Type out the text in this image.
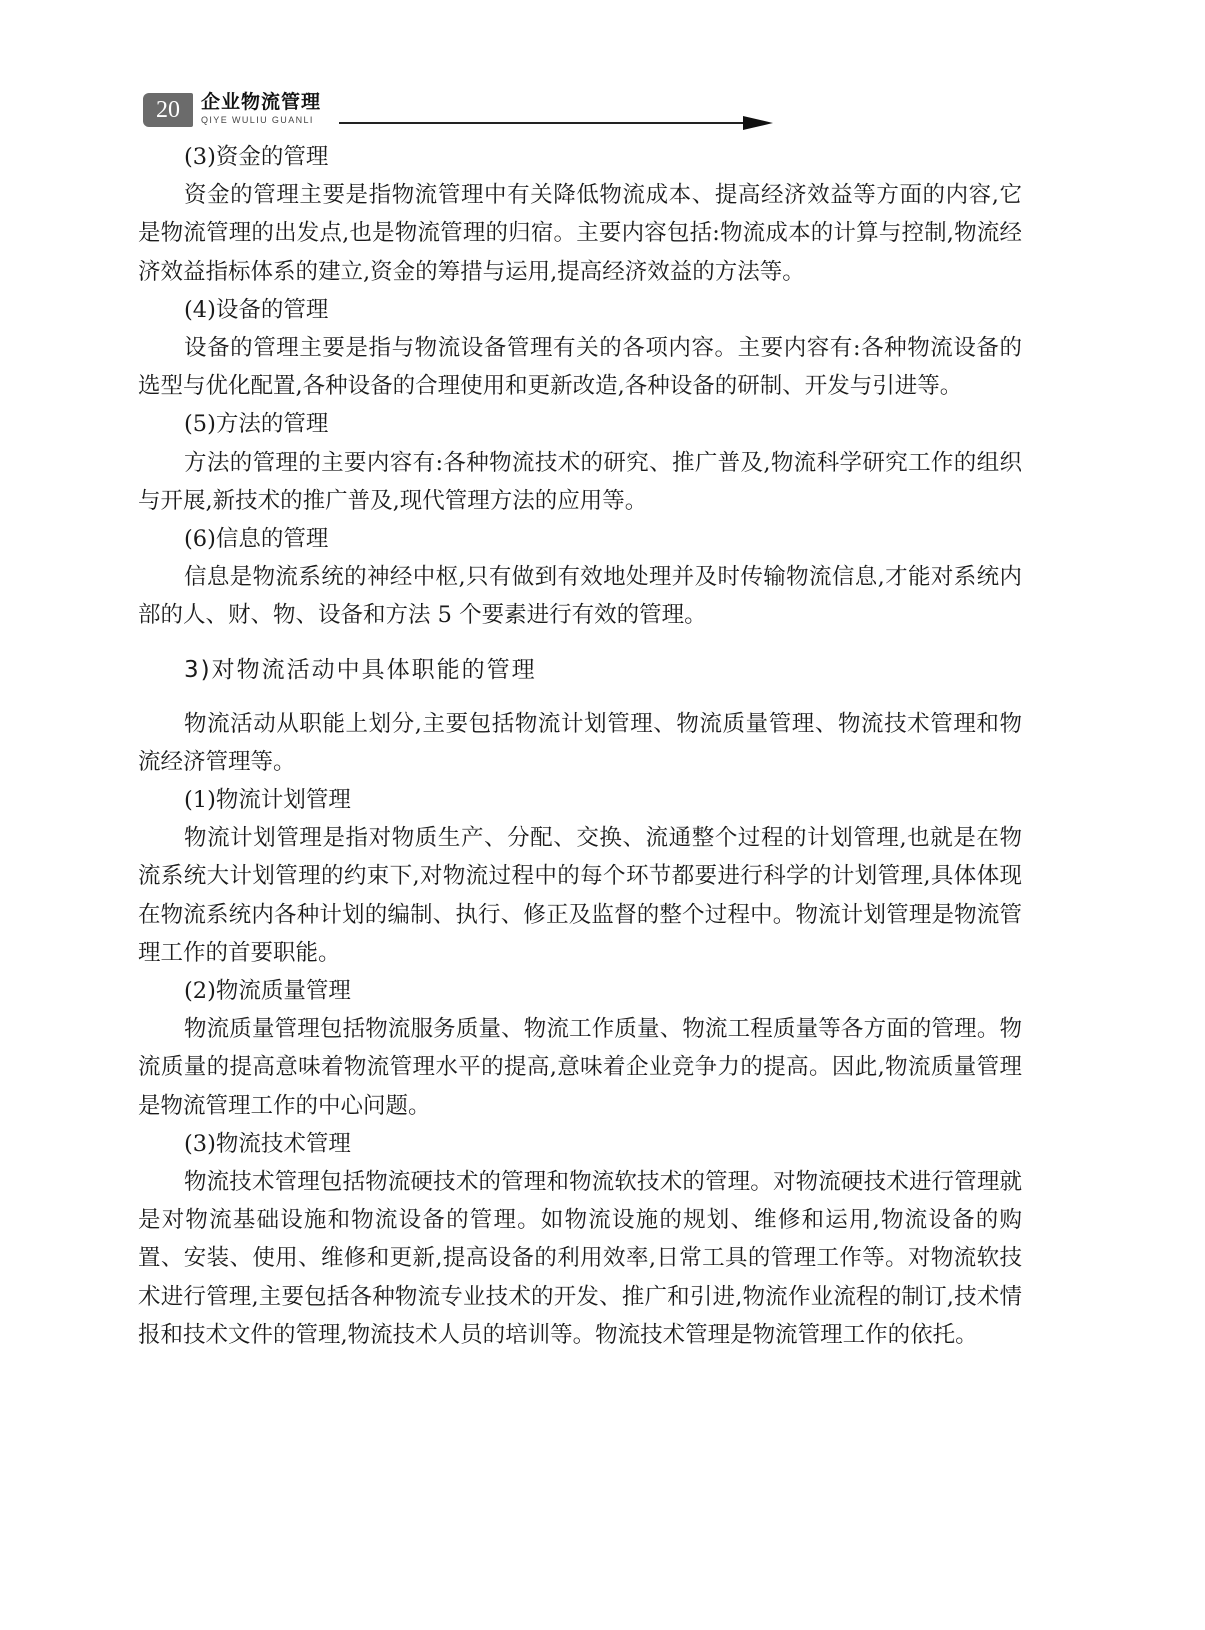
20	企业物流管理
QIYE WULIU GUANLI
(3)资金的管理

资金的管理主要是指物流管理中有关降低物流成本、提高经济效益等方面的内容,它是物流管理的出发点,也是物流管理的归宿。主要内容包括:物流成本的计算与控制,物流经济效益指标体系的建立,资金的筹措与运用,提高经济效益的方法等。

(4)设备的管理

设备的管理主要是指与物流设备管理有关的各项内容。主要内容有:各种物流设备的选型与优化配置,各种设备的合理使用和更新改造,各种设备的研制、开发与引进等。

(5)方法的管理

方法的管理的主要内容有:各种物流技术的研究、推广普及,物流科学研究工作的组织与开展,新技术的推广普及,现代管理方法的应用等。

(6)信息的管理

信息是物流系统的神经中枢,只有做到有效地处理并及时传输物流信息,才能对系统内部的人、财、物、设备和方法 5 个要素进行有效的管理。

3)对物流活动中具体职能的管理

物流活动从职能上划分,主要包括物流计划管理、物流质量管理、物流技术管理和物流经济管理等。

(1)物流计划管理

物流计划管理是指对物质生产、分配、交换、流通整个过程的计划管理,也就是在物流系统大计划管理的约束下,对物流过程中的每个环节都要进行科学的计划管理,具体体现在物流系统内各种计划的编制、执行、修正及监督的整个过程中。物流计划管理是物流管理工作的首要职能。

(2)物流质量管理

物流质量管理包括物流服务质量、物流工作质量、物流工程质量等各方面的管理。物流质量的提高意味着物流管理水平的提高,意味着企业竞争力的提高。因此,物流质量管理是物流管理工作的中心问题。

(3)物流技术管理

物流技术管理包括物流硬技术的管理和物流软技术的管理。对物流硬技术进行管理就是对物流基础设施和物流设备的管理。如物流设施的规划、维修和运用,物流设备的购置、安装、使用、维修和更新,提高设备的利用效率,日常工具的管理工作等。对物流软技术进行管理,主要包括各种物流专业技术的开发、推广和引进,物流作业流程的制订,技术情报和技术文件的管理,物流技术人员的培训等。物流技术管理是物流管理工作的依托。
